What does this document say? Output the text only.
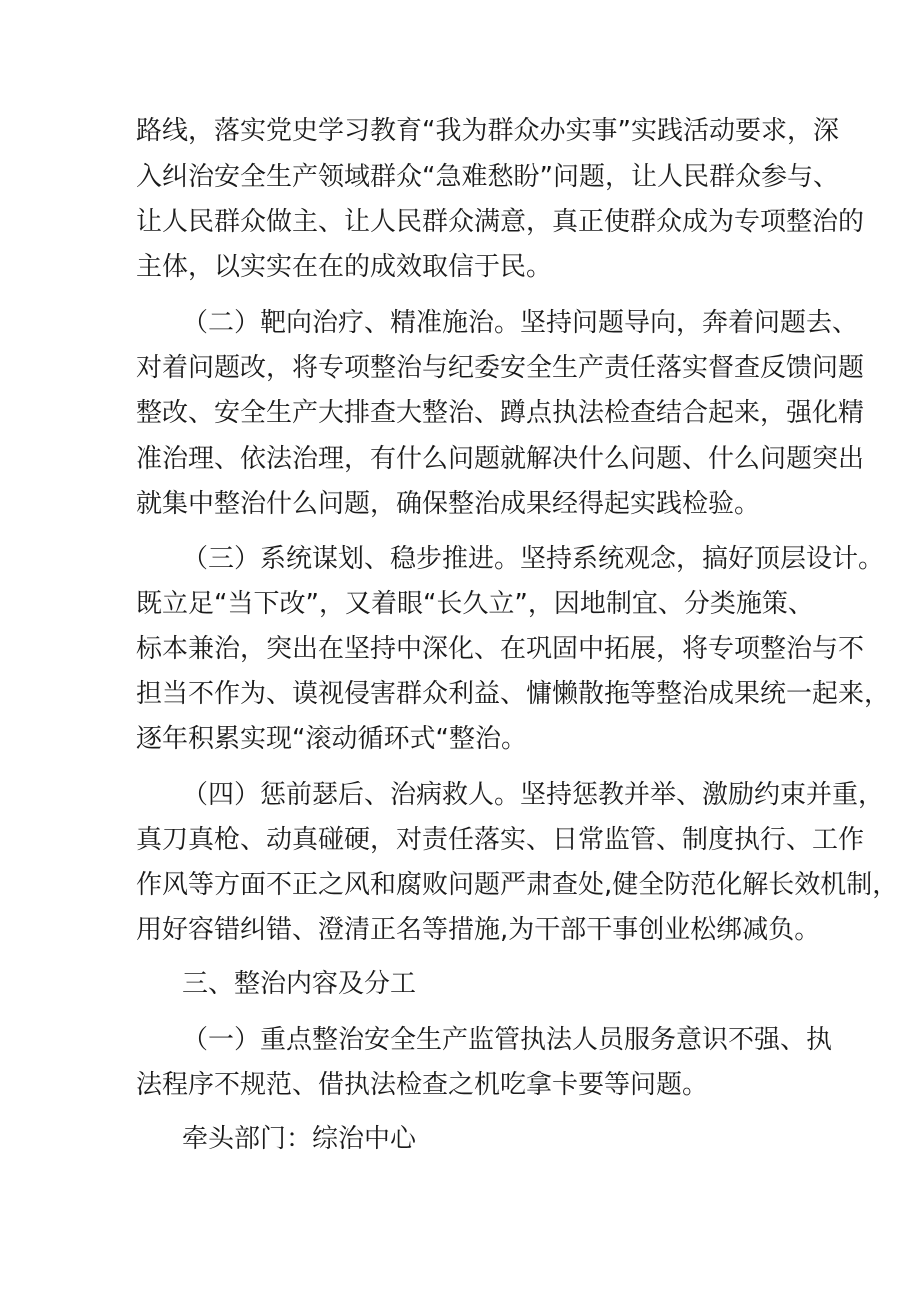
路线，落实党史学习教育“我为群众办实事”实践活动要求，深
入纠治安全生产领域群众“急难愁盼”问题，让人民群众参与、
让人民群众做主、让人民群众满意，真正使群众成为专项整治的
主体，以实实在在的成效取信于民。
（二）靶向治疗、精准施治。坚持问题导向，奔着问题去、
对着问题改，将专项整治与纪委安全生产责任落实督查反馈问题
整改、安全生产大排查大整治、蹲点执法检查结合起来，强化精
准治理、依法治理，有什么问题就解决什么问题、什么问题突出
就集中整治什么问题，确保整治成果经得起实践检验。
（三）系统谋划、稳步推进。坚持系统观念，搞好顶层设计。
既立足“当下改”，又着眼“长久立”，因地制宜、分类施策、
标本兼治，突出在坚持中深化、在巩固中拓展，将专项整治与不
担当不作为、谟视侵害群众利益、慵懒散拖等整治成果统一起来，
逐年积累实现“滚动循环式“整治。
（四）惩前瑟后、治病救人。坚持惩教并举、激励约束并重，
真刀真枪、动真碰硬，对责任落实、日常监管、制度执行、工作
作风等方面不正之风和腐败问题严肃查处,健全防范化解长效机制，
用好容错纠错、澄清正名等措施,为干部干事创业松绑减负。
三、整治内容及分工
（一）重点整治安全生产监管执法人员服务意识不强、执
法程序不规范、借执法检查之机吃拿卡要等问题。
牵头部门：综治中心
